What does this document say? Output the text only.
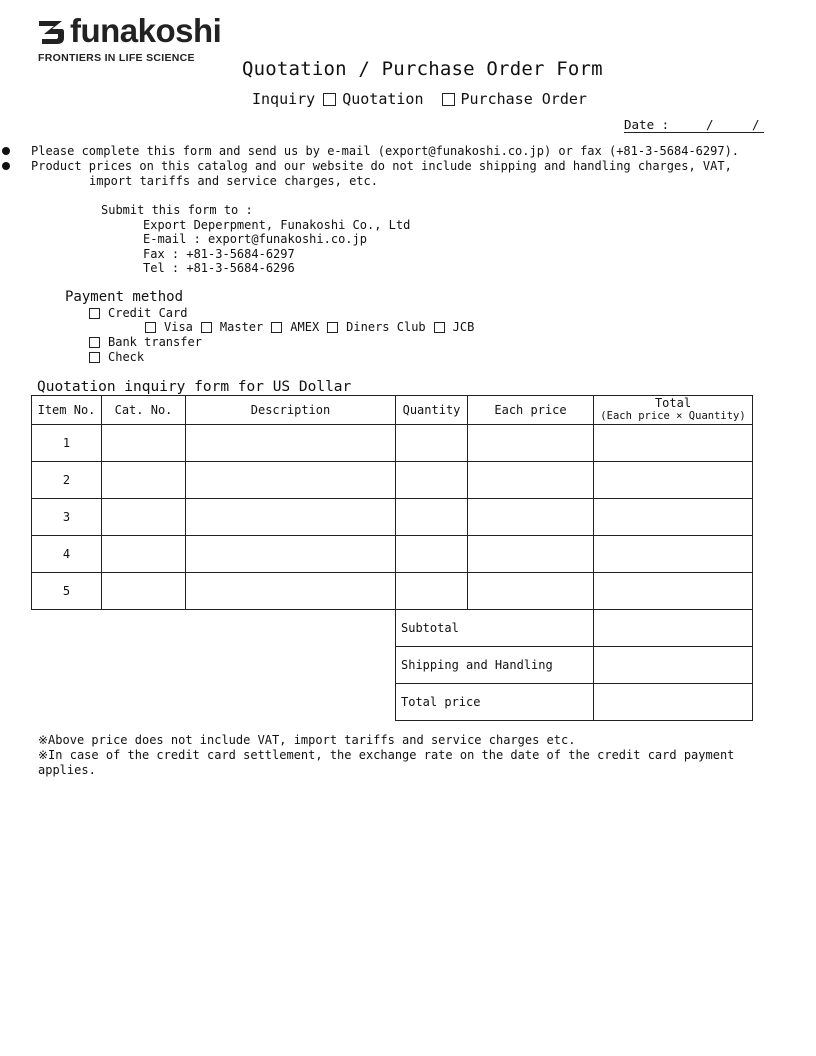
funakoshi
FRONTIERS IN LIFE SCIENCE Quotation / Purchase Order Form
Inquiry Quotation Purchase Order
Date :	/	/
Please complete this form and send us by e-mail (export@funakoshi.co.jp) or fax (+81-3-5684-6297).
Product prices on this catalog and our website do not include shipping and handling charges, VAT,
import tariffs and service charges, etc.
Submit this form to :
Export Deperpment, Funakoshi Co., Ltd
E-mail : export@funakoshi.co.jp
Fax : +81-3-5684-6297
Tel : +81-3-5684-6296
Payment method
Credit Card
Visa Master AMEX Diners Club JCB
Bank transfer
Check
Quotation inquiry form for US Dollar
Item No.	Cat. No.	Description	Quantity	Each price	Total
(Each price × Quantity)

1					
2					
3					
4					
5					
			Subtotal		
			Shipping and Handling		
			Total price		
※Above price does not include VAT, import tariffs and service charges etc.
※In case of the credit card settlement, the exchange rate on the date of the credit card payment
applies.
